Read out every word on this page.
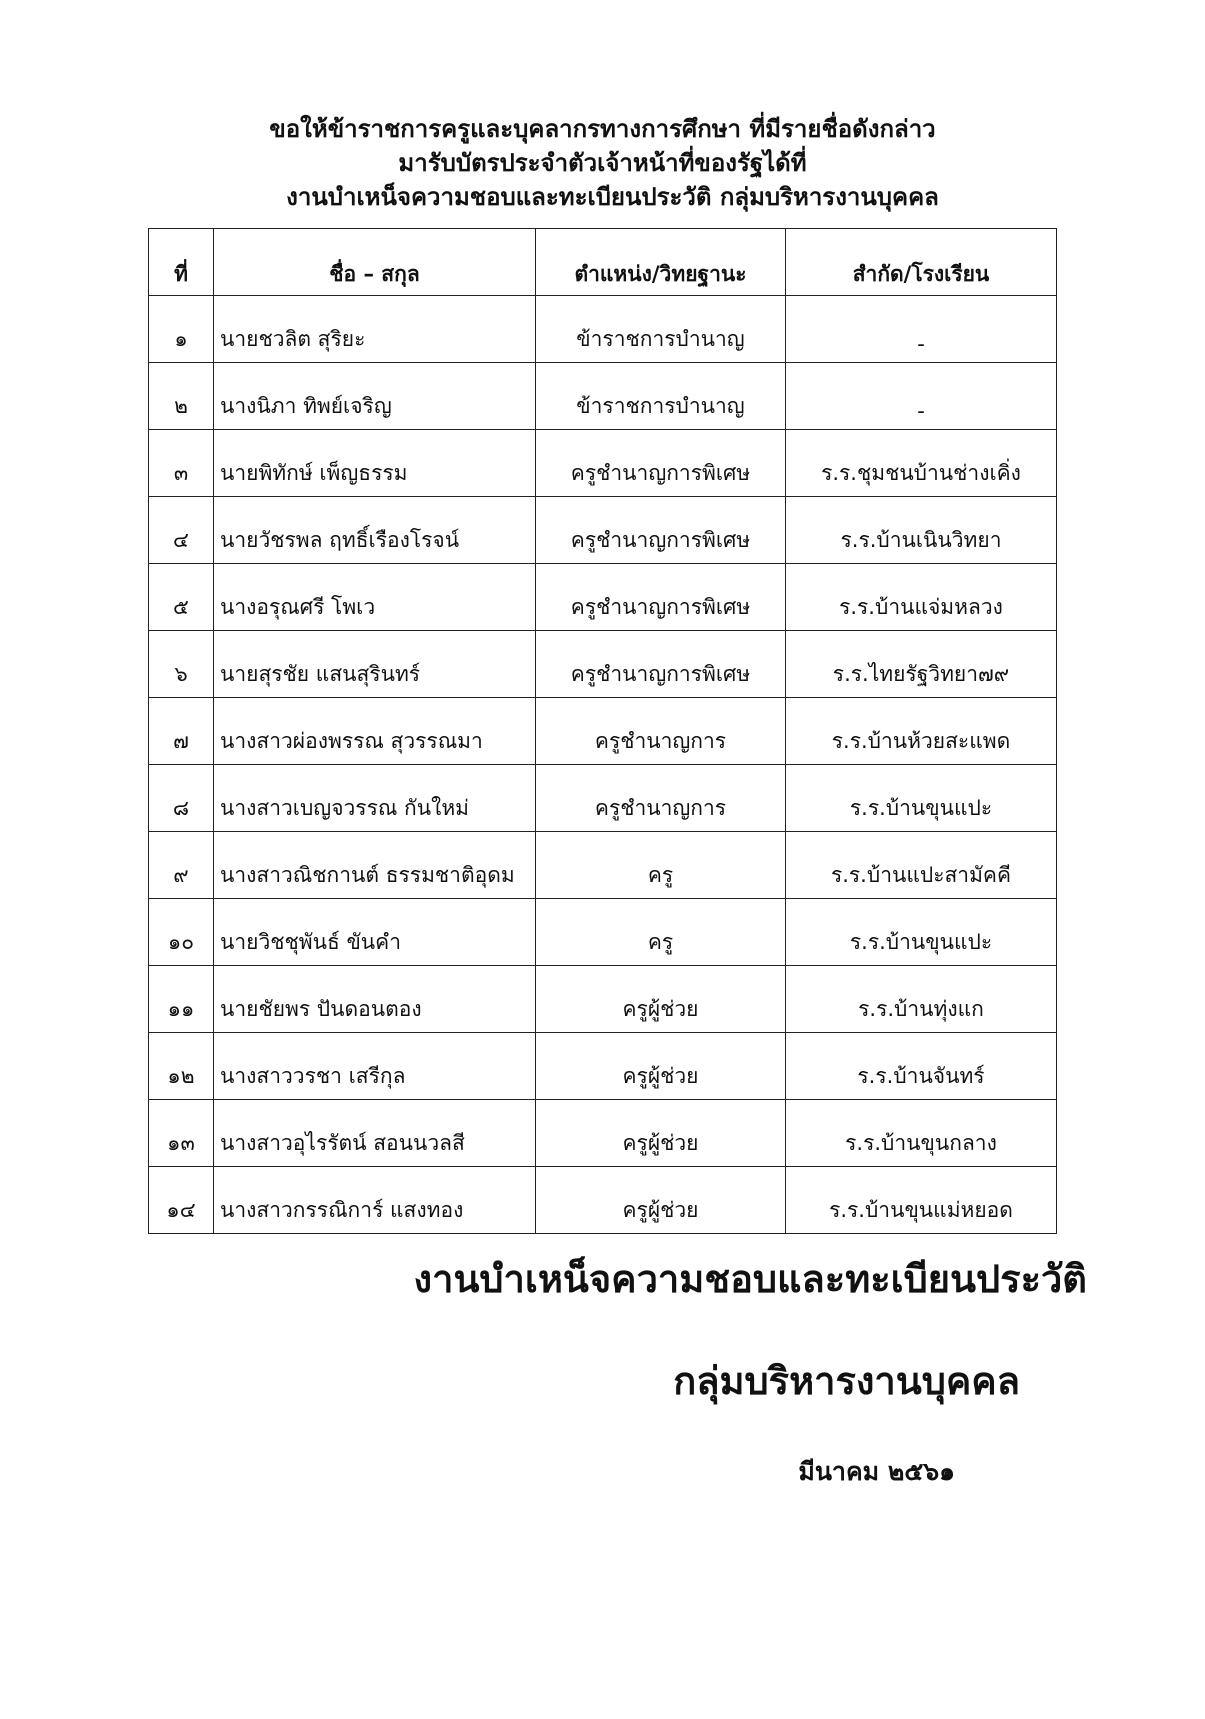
ขอให้ข้าราชการครูและบุคลากรทางการศึกษา ที่มีรายชื่อดังกล่าว
มารับบัตรประจำตัวเจ้าหน้าที่ของรัฐได้ที่
งานบำเหน็จความชอบและทะเบียนประวัติ กลุ่มบริหารงานบุคคล
ที่	ชื่อ – สกุล	ตำแหน่ง/วิทยฐานะ	สำกัด/โรงเรียน
๑	นายชวลิต สุริยะ	ข้าราชการบำนาญ	-
๒	นางนิภา ทิพย์เจริญ	ข้าราชการบำนาญ	-
๓	นายพิทักษ์ เพ็ญธรรม	ครูชำนาญการพิเศษ	ร.ร.ชุมชนบ้านช่างเคิ่ง
๔	นายวัชรพล ฤทธิ์เรืองโรจน์	ครูชำนาญการพิเศษ	ร.ร.บ้านเนินวิทยา
๕	นางอรุณศรี โพเว	ครูชำนาญการพิเศษ	ร.ร.บ้านแจ่มหลวง
๖	นายสุรชัย แสนสุรินทร์	ครูชำนาญการพิเศษ	ร.ร.ไทยรัฐวิทยา๗๙
๗	นางสาวผ่องพรรณ สุวรรณมา	ครูชำนาญการ	ร.ร.บ้านห้วยสะแพด
๘	นางสาวเบญจวรรณ กันใหม่	ครูชำนาญการ	ร.ร.บ้านขุนแปะ
๙	นางสาวณิชกานต์ ธรรมชาติอุดม	ครู	ร.ร.บ้านแปะสามัคคี
๑๐	นายวิชชุพันธ์ ขันคำ	ครู	ร.ร.บ้านขุนแปะ
๑๑	นายชัยพร ปันดอนตอง	ครูผู้ช่วย	ร.ร.บ้านทุ่งแก
๑๒	นางสาววรชา เสรีกุล	ครูผู้ช่วย	ร.ร.บ้านจันทร์
๑๓	นางสาวอุไรรัตน์ สอนนวลสี	ครูผู้ช่วย	ร.ร.บ้านขุนกลาง
๑๔	นางสาวกรรณิการ์ แสงทอง	ครูผู้ช่วย	ร.ร.บ้านขุนแม่หยอด
งานบำเหน็จความชอบและทะเบียนประวัติ
กลุ่มบริหารงานบุคคล
มีนาคม ๒๕๖๑
